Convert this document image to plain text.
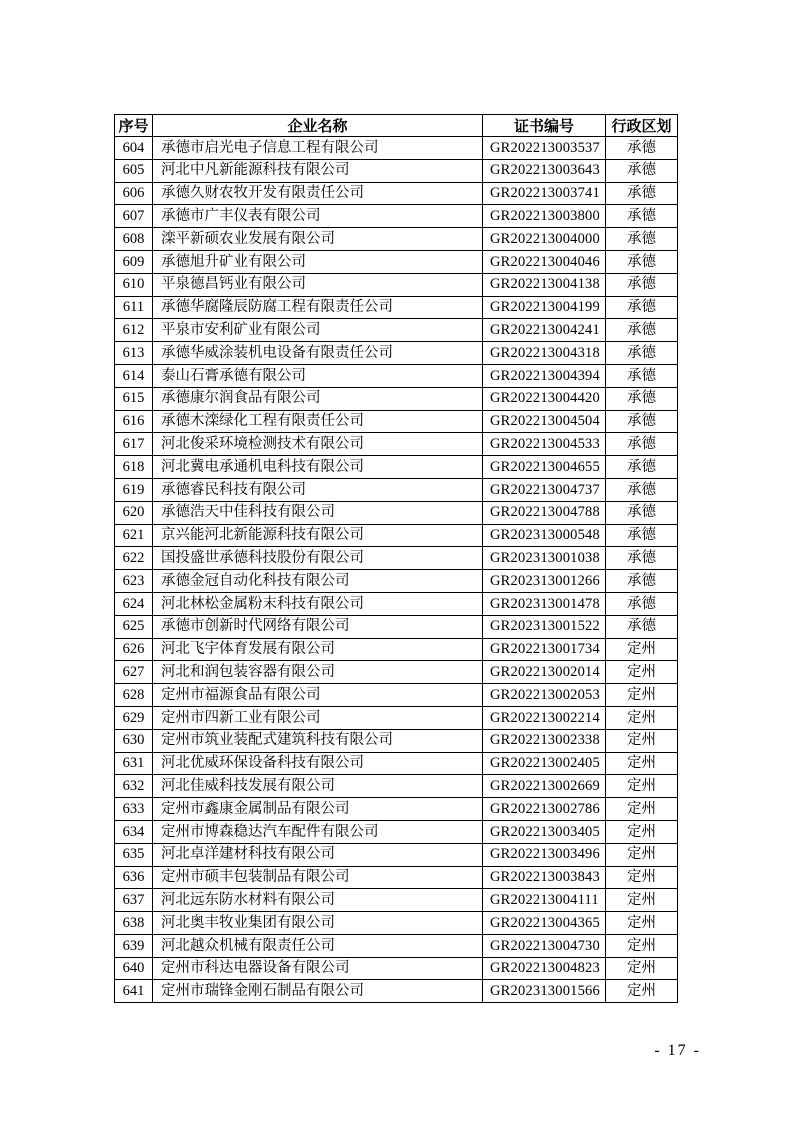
序号	企业名称	证书编号	行政区划
604	承德市启光电子信息工程有限公司	GR202213003537	承德
605	河北中凡新能源科技有限公司	GR202213003643	承德
606	承德久财农牧开发有限责任公司	GR202213003741	承德
607	承德市广丰仪表有限公司	GR202213003800	承德
608	滦平新硕农业发展有限公司	GR202213004000	承德
609	承德旭升矿业有限公司	GR202213004046	承德
610	平泉德昌钙业有限公司	GR202213004138	承德
611	承德华腐隆辰防腐工程有限责任公司	GR202213004199	承德
612	平泉市安利矿业有限公司	GR202213004241	承德
613	承德华威涂装机电设备有限责任公司	GR202213004318	承德
614	泰山石膏承德有限公司	GR202213004394	承德
615	承德康尔润食品有限公司	GR202213004420	承德
616	承德木滦绿化工程有限责任公司	GR202213004504	承德
617	河北俊采环境检测技术有限公司	GR202213004533	承德
618	河北冀电承通机电科技有限公司	GR202213004655	承德
619	承德睿民科技有限公司	GR202213004737	承德
620	承德浩天中佳科技有限公司	GR202213004788	承德
621	京兴能河北新能源科技有限公司	GR202313000548	承德
622	国投盛世承德科技股份有限公司	GR202313001038	承德
623	承德金冠自动化科技有限公司	GR202313001266	承德
624	河北林松金属粉末科技有限公司	GR202313001478	承德
625	承德市创新时代网络有限公司	GR202313001522	承德
626	河北飞宇体育发展有限公司	GR202213001734	定州
627	河北和润包装容器有限公司	GR202213002014	定州
628	定州市福源食品有限公司	GR202213002053	定州
629	定州市四新工业有限公司	GR202213002214	定州
630	定州市筑业装配式建筑科技有限公司	GR202213002338	定州
631	河北优威环保设备科技有限公司	GR202213002405	定州
632	河北佳威科技发展有限公司	GR202213002669	定州
633	定州市鑫康金属制品有限公司	GR202213002786	定州
634	定州市博森稳达汽车配件有限公司	GR202213003405	定州
635	河北卓洋建材科技有限公司	GR202213003496	定州
636	定州市硕丰包装制品有限公司	GR202213003843	定州
637	河北远东防水材料有限公司	GR202213004111	定州
638	河北奥丰牧业集团有限公司	GR202213004365	定州
639	河北越众机械有限责任公司	GR202213004730	定州
640	定州市科达电器设备有限公司	GR202213004823	定州
641	定州市瑞锋金刚石制品有限公司	GR202313001566	定州
- 17 -
